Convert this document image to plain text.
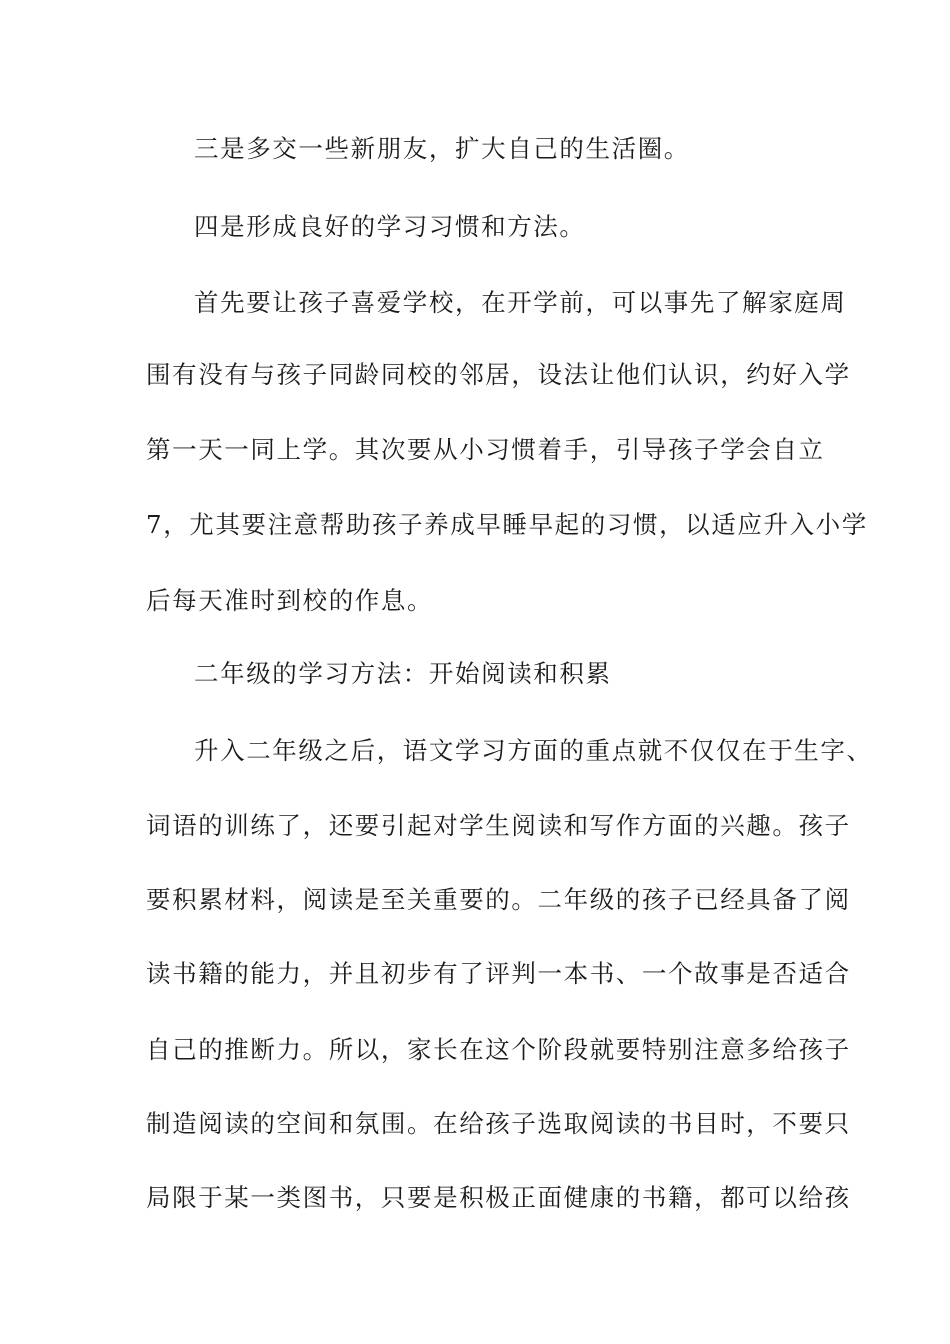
三是多交一些新朋友，扩大自己的生活圈。
四是形成良好的学习习惯和方法。
首先要让孩子喜爱学校，在开学前，可以事先了解家庭周
围有没有与孩子同龄同校的邻居，设法让他们认识，约好入学
第一天一同上学。其次要从小习惯着手，引导孩子学会自立
7，尤其要注意帮助孩子养成早睡早起的习惯，以适应升入小学
后每天准时到校的作息。
二年级的学习方法：开始阅读和积累
升入二年级之后，语文学习方面的重点就不仅仅在于生字、
词语的训练了，还要引起对学生阅读和写作方面的兴趣。孩子
要积累材料，阅读是至关重要的。二年级的孩子已经具备了阅
读书籍的能力，并且初步有了评判一本书、一个故事是否适合
自己的推断力。所以，家长在这个阶段就要特别注意多给孩子
制造阅读的空间和氛围。在给孩子选取阅读的书目时，不要只
局限于某一类图书，只要是积极正面健康的书籍，都可以给孩
